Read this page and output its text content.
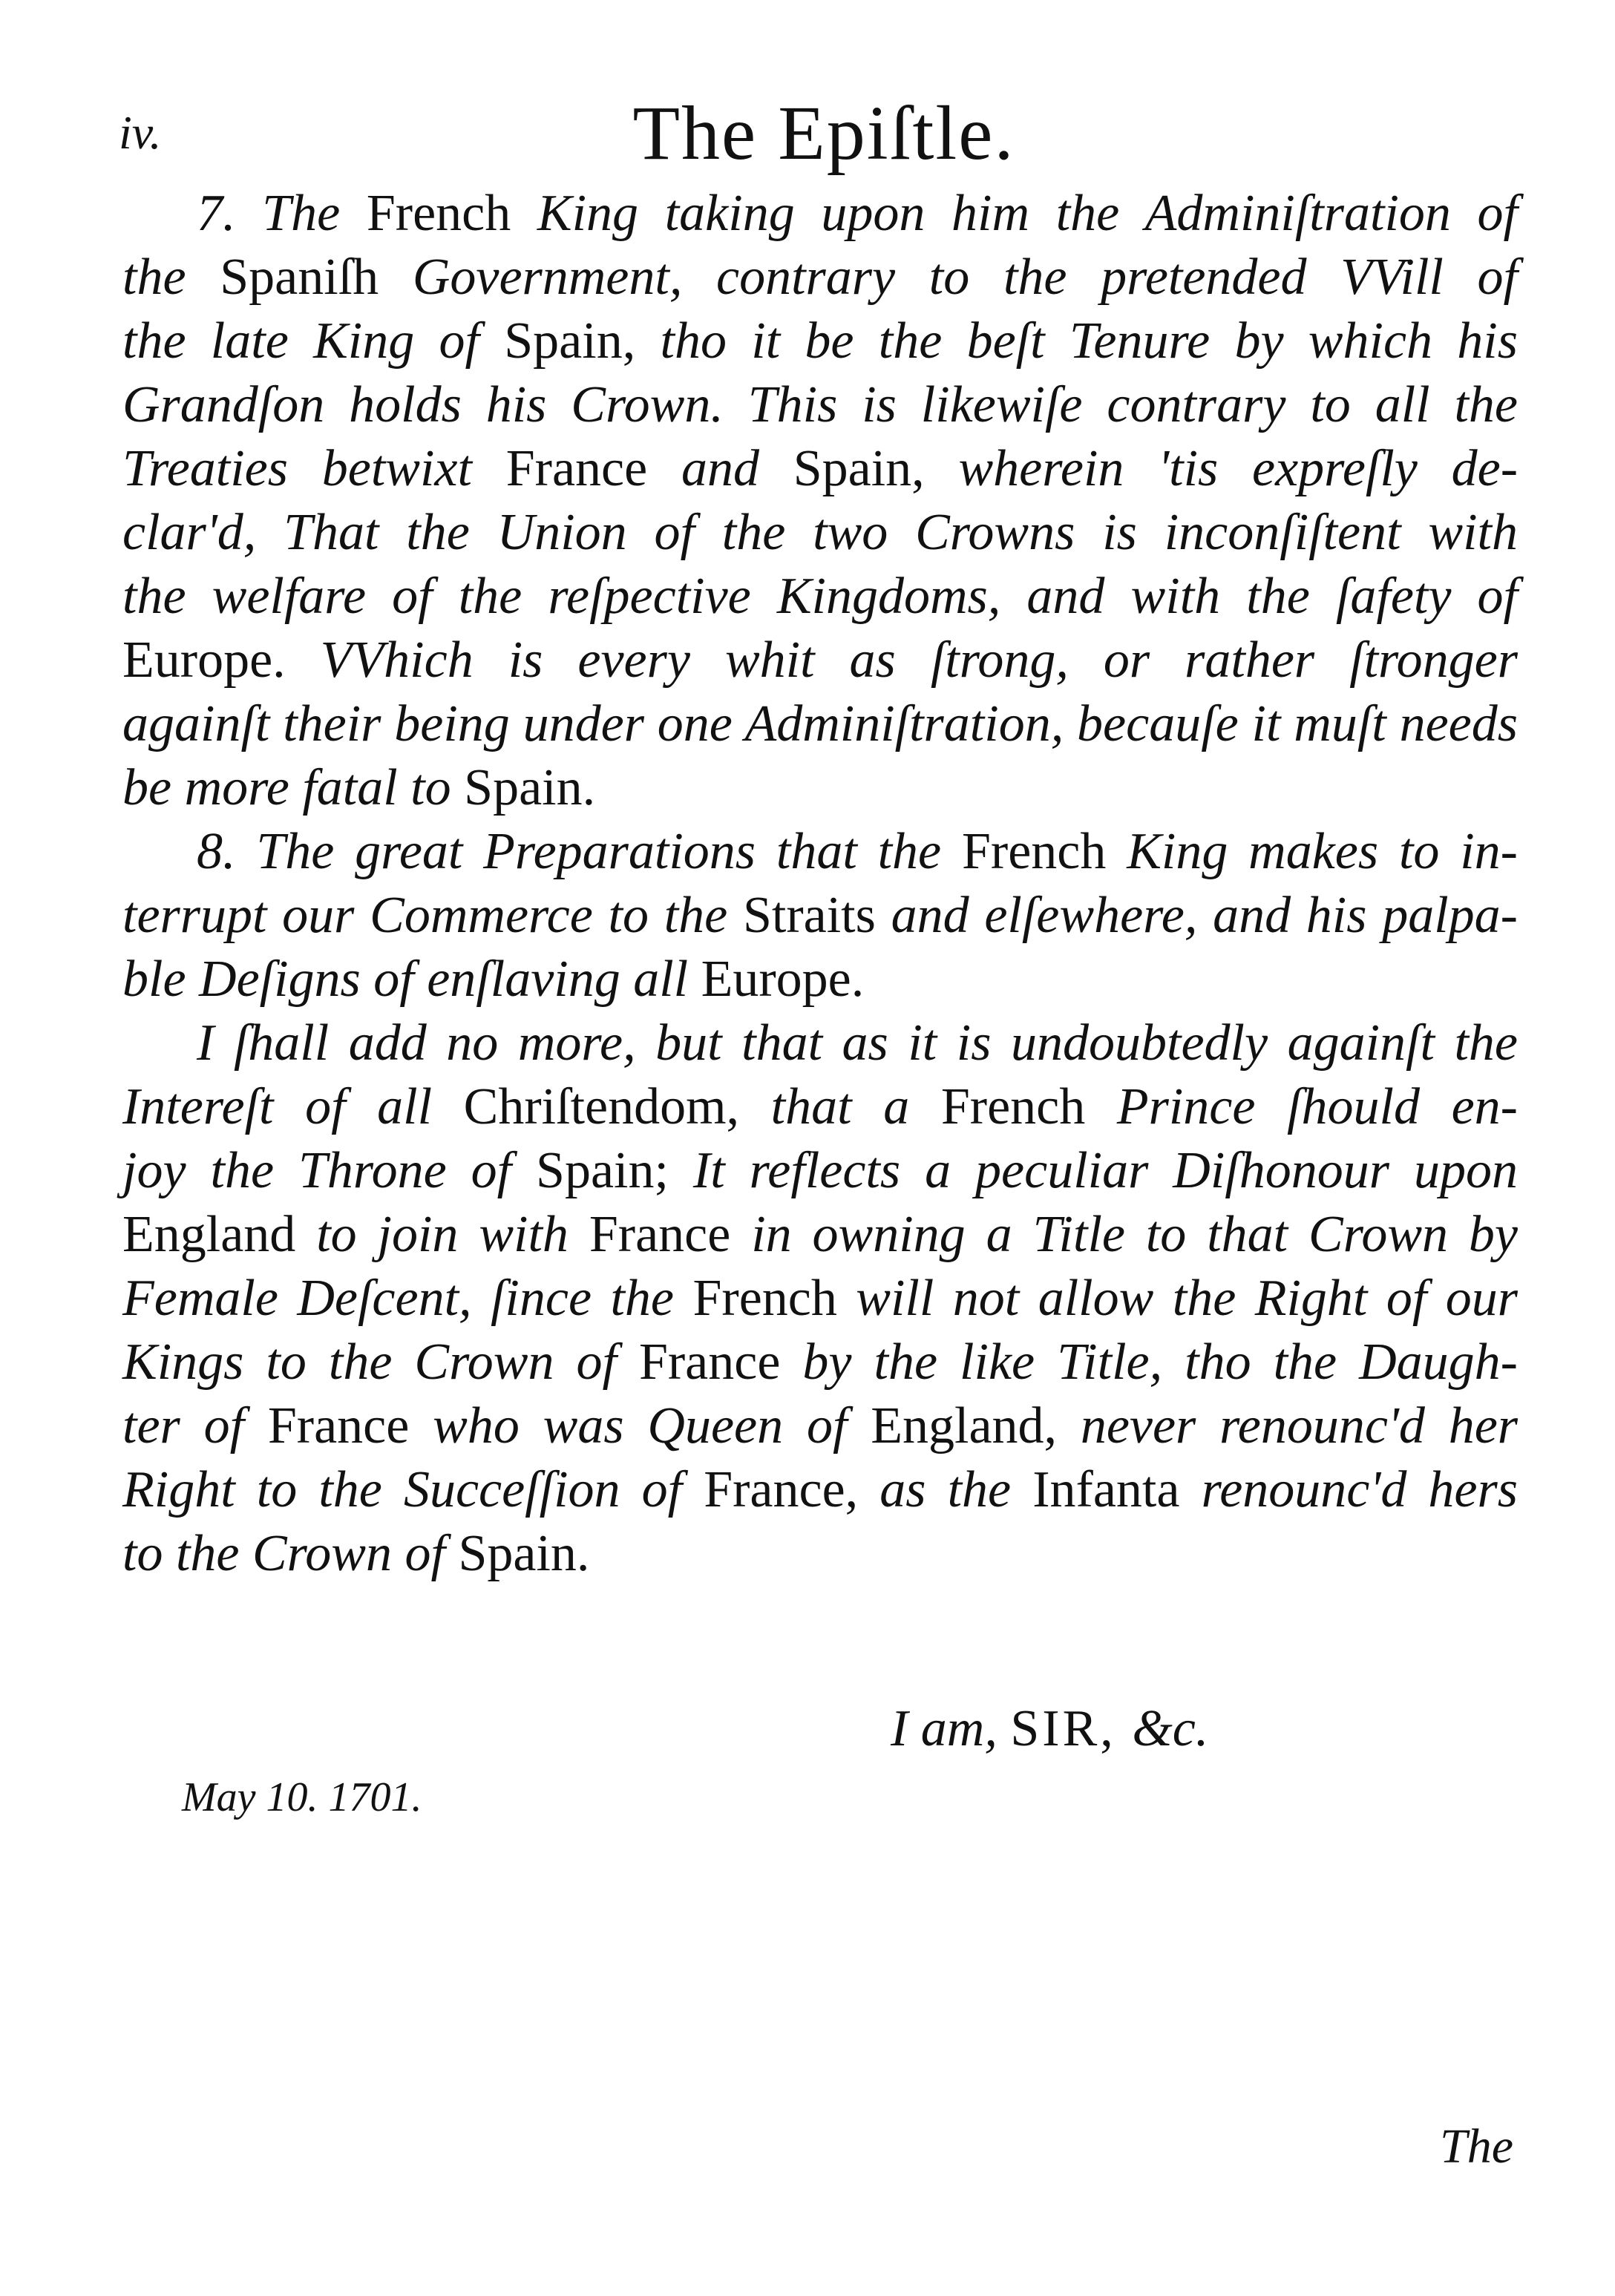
iv.	The Epiſtle.
7. The French King taking upon him the Adminiſtration of
the Spaniſh Government, contrary to the pretended VVill of
the late King of Spain, tho it be the beſt Tenure by which his
Grandſon holds his Crown. This is likewiſe contrary to all the
Treaties betwixt France and Spain, wherein 'tis expreſly de-
clar'd, That the Union of the two Crowns is inconſiſtent with
the welfare of the reſpective Kingdoms, and with the ſafety of
Europe. VVhich is every whit as ſtrong, or rather ſtronger
againſt their being under one Adminiſtration, becauſe it muſt needs
be more fatal to Spain.
8. The great Preparations that the French King makes to in-
terrupt our Commerce to the Straits and elſewhere, and his palpa-
ble Deſigns of enſlaving all Europe.
I ſhall add no more, but that as it is undoubtedly againſt the
Intereſt of all Chriſtendom, that a French Prince ſhould en-
joy the Throne of Spain; It reflects a peculiar Diſhonour upon
England to join with France in owning a Title to that Crown by
Female Deſcent, ſince the French will not allow the Right of our
Kings to the Crown of France by the like Title, tho the Daugh-
ter of France who was Queen of England, never renounc'd her
Right to the Succeſſion of France, as the Infanta renounc'd hers
to the Crown of Spain.
I am, SIR, &c.
May 10. 1701.
The
